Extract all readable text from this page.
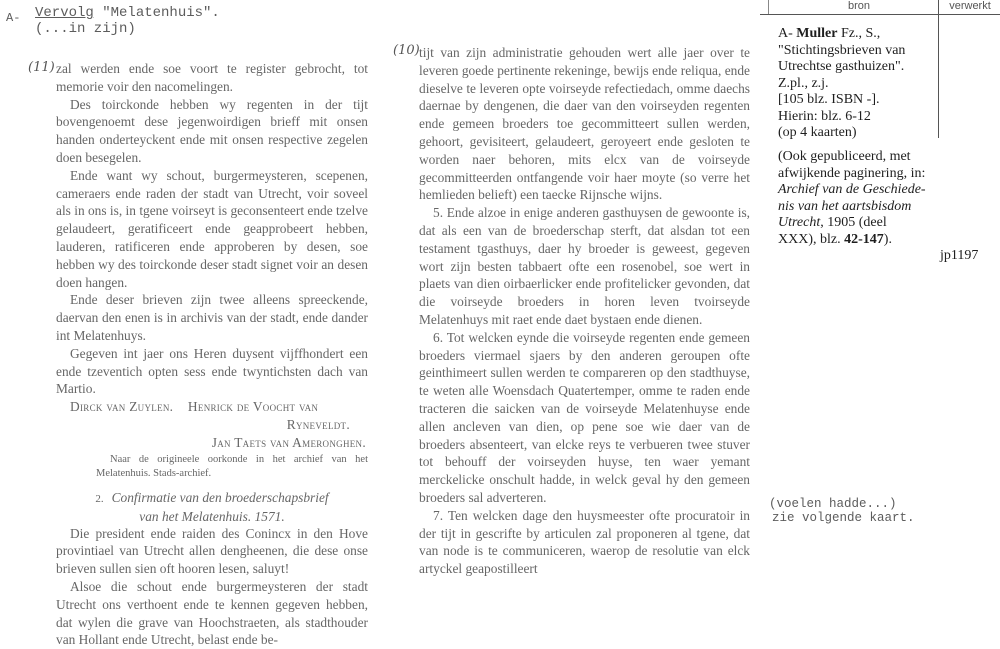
A- Vervolg "Melatenhuis".
(...in zijn)
(11) zal werden ende soe voort te register gebrocht, tot memorie voir den nacomelingen.

Des toirckonde hebben wy regenten in der tijt bovengenoemt dese jegenwoirdigen brieff mit onsen handen onderteyckent ende mit onsen respective zegelen doen besegelen.

Ende want wy schout, burgermeysteren, scepenen, cameraers ende raden der stadt van Utrecht, voir soveel als in ons is, in tgene voirseyt is geconsenteert ende tzelve gelaudeert, geratificeert ende geapprobeert hebben, lauderen, ratificeren ende approberen by desen, soe hebben wy des toirckonde deser stadt signet voir an desen doen hangen.

Ende deser brieven zijn twee alleens spreeckende, daervan den enen is in archivis van der stadt, ende dander int Melatenhuys.

Gegeven int jaer ons Heren duysent vijffhondert een ende tzeventich opten sess ende twyntichsten dach van Martio.

Dirck van Zuylen. Henrick de Voocht van

Ryneveldt.

Jan Taets van Ameronghen.

Naar de origineele oorkonde in het archief van het Melatenhuis. Stads-archief.

2. Confirmatie van den broederschapsbrief
van het Melatenhuis. 1571.

Die president ende raiden des Conincx in den Hove provintiael van Utrecht allen dengheenen, die dese onse brieven sullen sien oft hooren lesen, saluyt!

Alsoe die schout ende burgermeysteren der stadt Utrecht ons verthoent ende te kennen gegeven hebben, dat wylen die grave van Hoochstraeten, als stadthouder van Hollant ende Utrecht, belast ende be-

(10) tijt van zijn administratie gehouden wert alle jaer over te leveren goede pertinente rekeninge, bewijs ende reliqua, ende dieselve te leveren opte voirseyde refectiedach, omme daechs daernae by dengenen, die daer van den voirseyden regenten ende gemeen broeders toe gecommitteert sullen werden, gehoort, gevisiteert, gelaudeert, geroyeert ende gesloten te worden naer behoren, mits elcx van de voirseyde gecommitteerden ontfangende voir haer moyte (so verre het hemlieden belieft) een taecke Rijnsche wijns.

5. Ende alzoe in enige anderen gasthuysen de gewoonte is, dat als een van de broederschap sterft, dat alsdan tot een testament tgasthuys, daer hy broeder is geweest, gegeven wort zijn besten tabbaert ofte een rosenobel, soe wert in plaets van dien oirbaerlicker ende profitelicker gevonden, dat die voirseyde broeders in horen leven tvoirseyde Melatenhuys mit raet ende daet bystaen ende dienen.

6. Tot welcken eynde die voirseyde regenten ende gemeen broeders viermael sjaers by den anderen geroupen ofte geinthimeert sullen werden te compareren op den stadthuyse, te weten alle Woensdach Quatertemper, omme te raden ende tracteren die saicken van de voirseyde Melatenhuyse ende allen ancleven van dien, op pene soe wie daer van de broeders absenteert, van elcke reys te verbueren twee stuver tot behouff der voirseyden huyse, ten waer yemant merckelicke onschult hadde, in welck geval hy den gemeen broeders sal adverteren.

7. Ten welcken dage den huysmeester ofte procuratoir in der tijt in gescrifte by articulen zal proponeren al tgene, dat van node is te communiceren, waerop de resolutie van elck artyckel geapostilleert

bron	verwerkt
A- Muller Fz., S.,
"Stichtingsbrieven van
Utrechtse gasthuizen".
Z.pl., z.j.
[105 blz. ISBN -].
Hierin: blz. 6-12
(op 4 kaarten)
(Ook gepubliceerd, met
afwijkende paginering, in:
Archief van de Geschiede-
nis van het aartsbisdom
Utrecht, 1905 (deel
XXX), blz. 42-147).
jp1197
(voelen hadde...)
zie volgende kaart.
